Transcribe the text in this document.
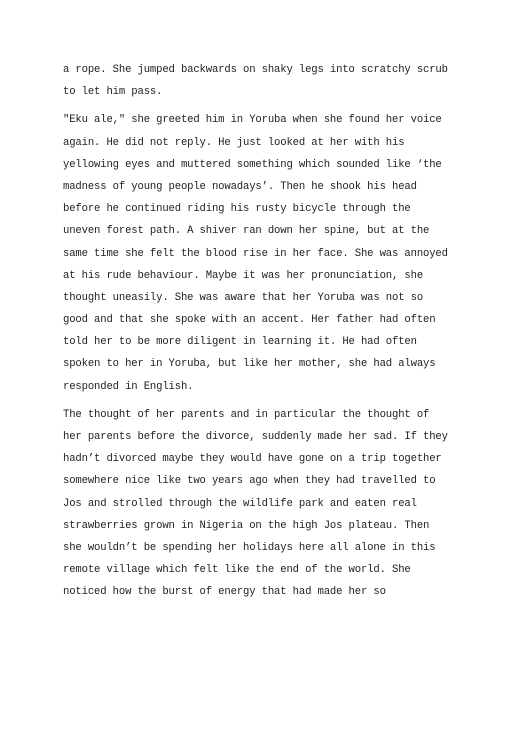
a rope. She jumped backwards on shaky legs into scratchy scrub
to let him pass.
"Eku ale," she greeted him in Yoruba when she found her voice
again. He did not reply. He just looked at her with his
yellowing eyes and muttered something which sounded like ‘the
madness of young people nowadays’. Then he shook his head
before he continued riding his rusty bicycle through the
uneven forest path. A shiver ran down her spine, but at the
same time she felt the blood rise in her face. She was annoyed
at his rude behaviour. Maybe it was her pronunciation, she
thought uneasily. She was aware that her Yoruba was not so
good and that she spoke with an accent. Her father had often
told her to be more diligent in learning it. He had often
spoken to her in Yoruba, but like her mother, she had always
responded in English.
The thought of her parents and in particular the thought of
her parents before the divorce, suddenly made her sad. If they
hadn’t divorced maybe they would have gone on a trip together
somewhere nice like two years ago when they had travelled to
Jos and strolled through the wildlife park and eaten real
strawberries grown in Nigeria on the high Jos plateau. Then
she wouldn’t be spending her holidays here all alone in this
remote village which felt like the end of the world. She
noticed how the burst of energy that had made her so
